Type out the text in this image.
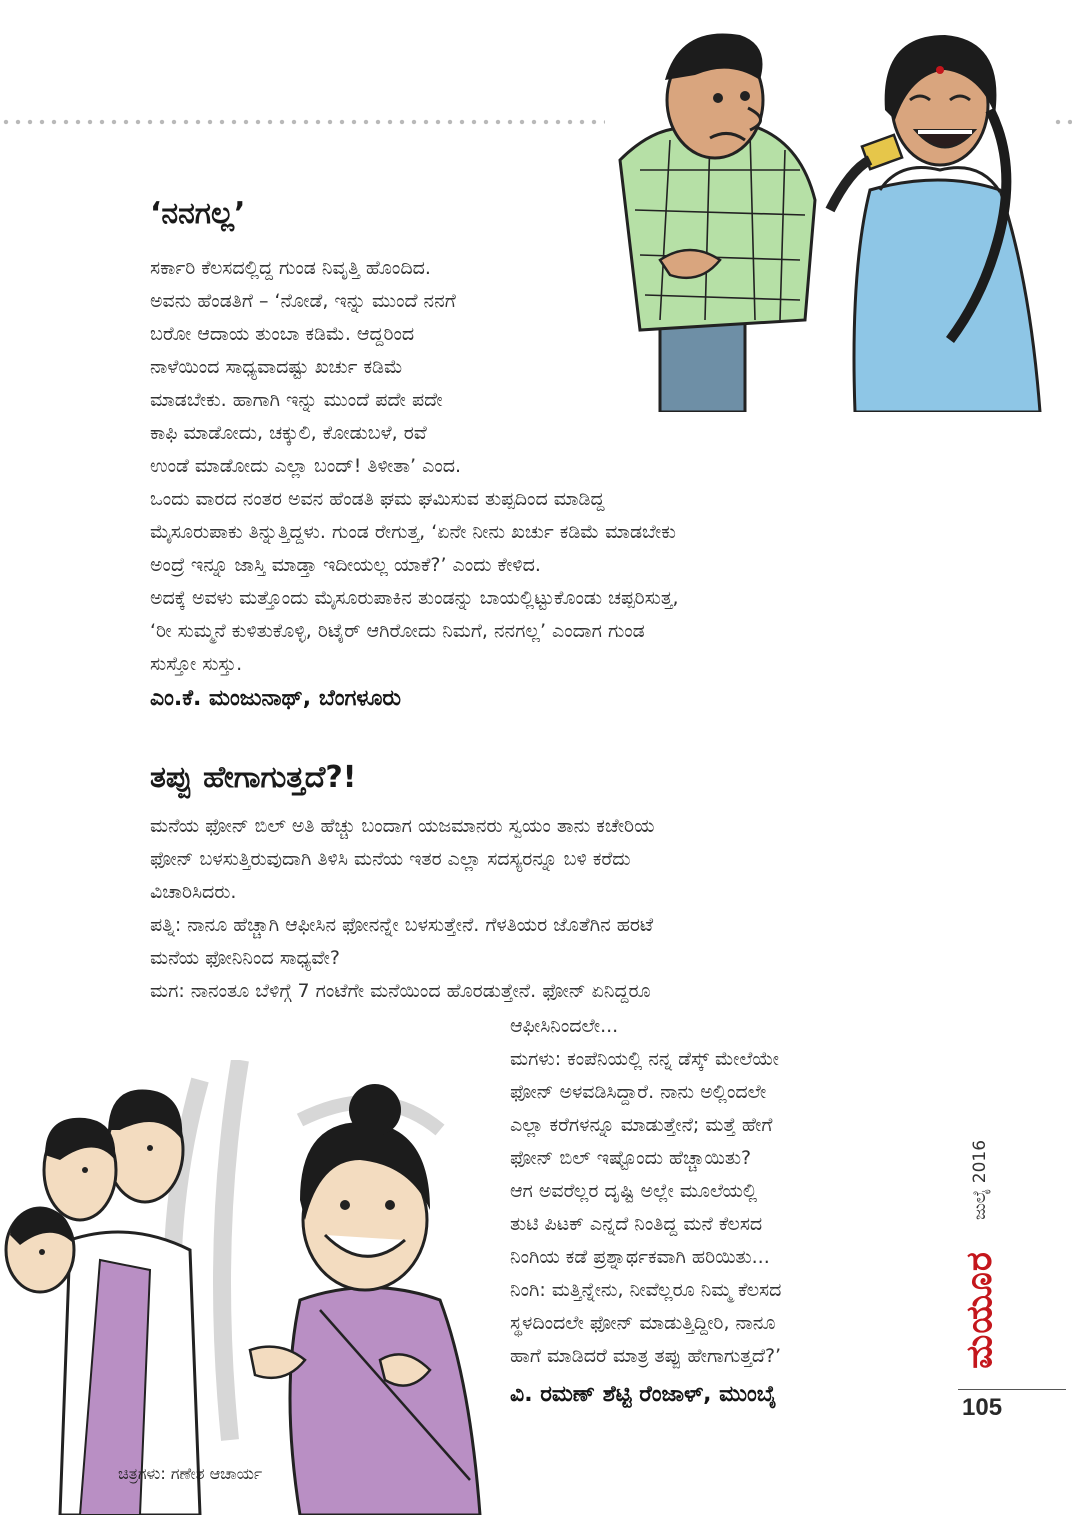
‘ನನಗಲ್ಲ’
ಸರ್ಕಾರಿ ಕೆಲಸದಲ್ಲಿದ್ದ ಗುಂಡ ನಿವೃತ್ತಿ ಹೊಂದಿದ.
ಅವನು ಹೆಂಡತಿಗೆ – ‘ನೋಡೆ, ಇನ್ನು ಮುಂದೆ ನನಗೆ
ಬರೋ ಆದಾಯ ತುಂಬಾ ಕಡಿಮೆ. ಆದ್ದರಿಂದ
ನಾಳೆಯಿಂದ ಸಾಧ್ಯವಾದಷ್ಟು ಖರ್ಚು ಕಡಿಮೆ
ಮಾಡಬೇಕು. ಹಾಗಾಗಿ ಇನ್ನು ಮುಂದೆ ಪದೇ ಪದೇ
ಕಾಫಿ ಮಾಡೋದು, ಚಕ್ಕುಲಿ, ಕೋಡುಬಳೆ, ರವೆ
ಉಂಡೆ ಮಾಡೋದು ಎಲ್ಲಾ ಬಂದ್! ತಿಳೀತಾ’ ಎಂದ.
ಒಂದು ವಾರದ ನಂತರ ಅವನ ಹೆಂಡತಿ ಘಮ ಘಮಿಸುವ ತುಪ್ಪದಿಂದ ಮಾಡಿದ್ದ
ಮೈಸೂರುಪಾಕು ತಿನ್ನುತ್ತಿದ್ದಳು. ಗುಂಡ ರೇಗುತ್ತ, ‘ಏನೇ ನೀನು ಖರ್ಚು ಕಡಿಮೆ ಮಾಡಬೇಕು
ಅಂದ್ರೆ ಇನ್ನೂ ಜಾಸ್ತಿ ಮಾಡ್ತಾ ಇದೀಯಲ್ಲ ಯಾಕೆ?’ ಎಂದು ಕೇಳಿದ.
ಅದಕ್ಕೆ ಅವಳು ಮತ್ತೊಂದು ಮೈಸೂರುಪಾಕಿನ ತುಂಡನ್ನು ಬಾಯಲ್ಲಿಟ್ಟುಕೊಂಡು ಚಪ್ಪರಿಸುತ್ತ,
‘ರೀ ಸುಮ್ಮನೆ ಕುಳಿತುಕೊಳ್ಳಿ, ರಿಟೈರ್ ಆಗಿರೋದು ನಿಮಗೆ, ನನಗಲ್ಲ’ ಎಂದಾಗ ಗುಂಡ
ಸುಸ್ತೋ ಸುಸ್ತು.

ಎಂ.ಕೆ. ಮಂಜುನಾಥ್, ಬೆಂಗಳೂರು

ತಪ್ಪು ಹೇಗಾಗುತ್ತದೆ?!
ಮನೆಯ ಫೋನ್ ಬಿಲ್ ಅತಿ ಹೆಚ್ಚು ಬಂದಾಗ ಯಜಮಾನರು ಸ್ವಯಂ ತಾನು ಕಚೇರಿಯ
ಫೋನ್ ಬಳಸುತ್ತಿರುವುದಾಗಿ ತಿಳಿಸಿ ಮನೆಯ ಇತರ ಎಲ್ಲಾ ಸದಸ್ಯರನ್ನೂ ಬಳಿ ಕರೆದು
ವಿಚಾರಿಸಿದರು.
ಪತ್ನಿ: ನಾನೂ ಹೆಚ್ಚಾಗಿ ಆಫೀಸಿನ ಫೋನನ್ನೇ ಬಳಸುತ್ತೇನೆ. ಗೆಳತಿಯರ ಜೊತೆಗಿನ ಹರಟೆ
ಮನೆಯ ಫೋನಿನಿಂದ ಸಾಧ್ಯವೇ?
ಮಗ: ನಾನಂತೂ ಬೆಳಿಗ್ಗೆ 7 ಗಂಟೆಗೇ ಮನೆಯಿಂದ ಹೊರಡುತ್ತೇನೆ. ಫೋನ್ ಏನಿದ್ದರೂ
ಆಫೀಸಿನಿಂದಲೇ...
ಮಗಳು: ಕಂಪೆನಿಯಲ್ಲಿ ನನ್ನ ಡೆಸ್ಕ್ ಮೇಲೆಯೇ
ಫೋನ್ ಅಳವಡಿಸಿದ್ದಾರೆ. ನಾನು ಅಲ್ಲಿಂದಲೇ
ಎಲ್ಲಾ ಕರೆಗಳನ್ನೂ ಮಾಡುತ್ತೇನೆ; ಮತ್ತೆ ಹೇಗೆ
ಫೋನ್ ಬಿಲ್ ಇಷ್ಟೊಂದು ಹೆಚ್ಚಾಯಿತು?
ಆಗ ಅವರೆಲ್ಲರ ದೃಷ್ಟಿ ಅಲ್ಲೇ ಮೂಲೆಯಲ್ಲಿ
ತುಟಿ ಪಿಟಕ್ ಎನ್ನದೆ ನಿಂತಿದ್ದ ಮನೆ ಕೆಲಸದ
ನಿಂಗಿಯ ಕಡೆ ಪ್ರಶ್ನಾರ್ಥಕವಾಗಿ ಹರಿಯಿತು...
ನಿಂಗಿ: ಮತ್ತಿನ್ನೇನು, ನೀವೆಲ್ಲರೂ ನಿಮ್ಮ ಕೆಲಸದ
ಸ್ಥಳದಿಂದಲೇ ಫೋನ್ ಮಾಡುತ್ತಿದ್ದೀರಿ, ನಾನೂ
ಹಾಗೆ ಮಾಡಿದರೆ ಮಾತ್ರ ತಪ್ಪು ಹೇಗಾಗುತ್ತದೆ?’

ವಿ. ರಮಣ್ ಶೆಟ್ಟಿ ರೆಂಜಾಳ್, ಮುಂಬೈ

ಚಿತ್ರಗಳು: ಗಣೇಶ ಆಚಾರ್ಯ
ಜುಲೈ 2016
ಮಯೂರ
105
